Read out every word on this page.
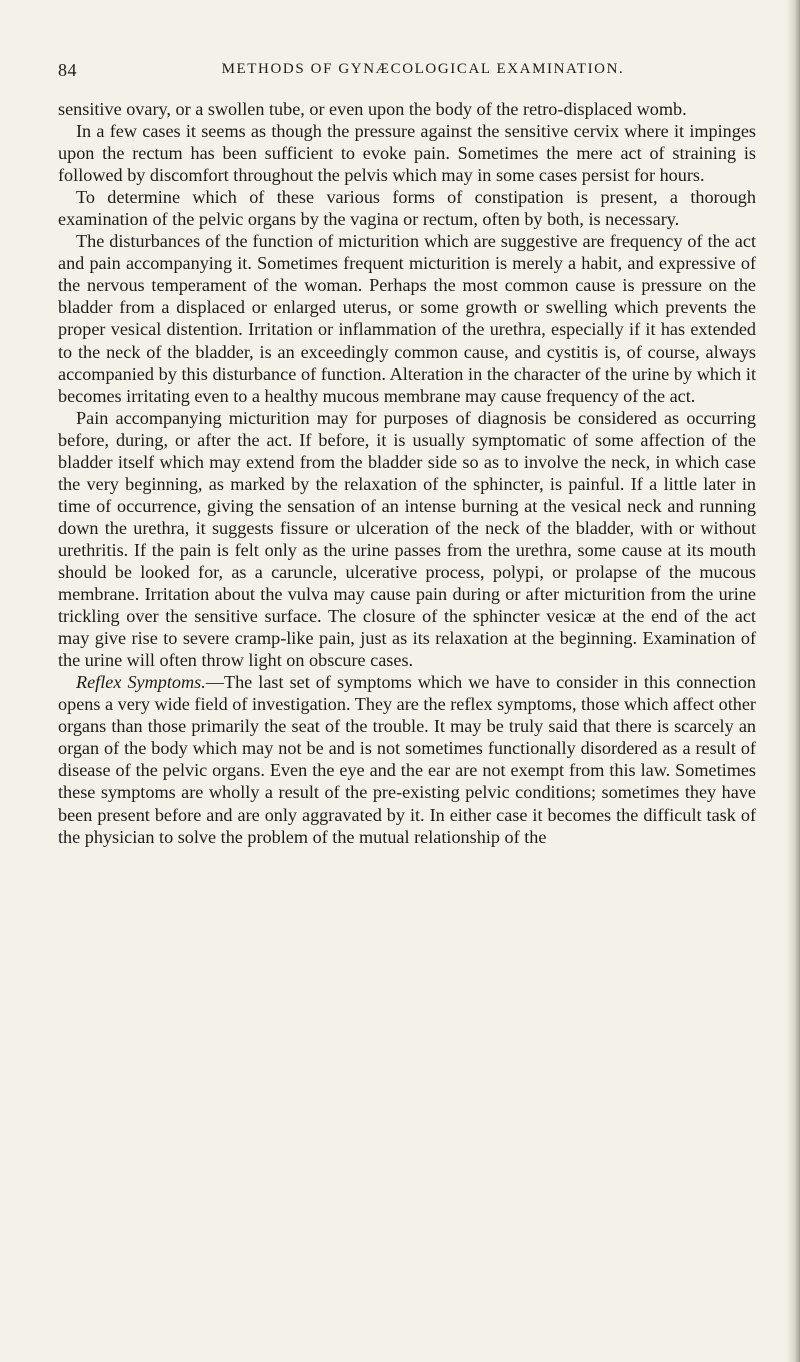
84	METHODS OF GYNÆCOLOGICAL EXAMINATION.

sensitive ovary, or a swollen tube, or even upon the body of the retro-displaced womb.

In a few cases it seems as though the pressure against the sensitive cervix where it impinges upon the rectum has been sufficient to evoke pain. Sometimes the mere act of straining is followed by discomfort throughout the pelvis which may in some cases persist for hours.

To determine which of these various forms of constipation is present, a thorough examination of the pelvic organs by the vagina or rectum, often by both, is necessary.

The disturbances of the function of micturition which are suggestive are frequency of the act and pain accompanying it. Sometimes frequent micturition is merely a habit, and expressive of the nervous temperament of the woman. Perhaps the most common cause is pressure on the bladder from a displaced or enlarged uterus, or some growth or swelling which prevents the proper vesical distention. Irritation or inflammation of the urethra, especially if it has extended to the neck of the bladder, is an exceedingly common cause, and cystitis is, of course, always accompanied by this disturbance of function. Alteration in the character of the urine by which it becomes irritating even to a healthy mucous membrane may cause frequency of the act.

Pain accompanying micturition may for purposes of diagnosis be considered as occurring before, during, or after the act. If before, it is usually symptomatic of some affection of the bladder itself which may extend from the bladder side so as to involve the neck, in which case the very beginning, as marked by the relaxation of the sphincter, is painful. If a little later in time of occurrence, giving the sensation of an intense burning at the vesical neck and running down the urethra, it suggests fissure or ulceration of the neck of the bladder, with or without urethritis. If the pain is felt only as the urine passes from the urethra, some cause at its mouth should be looked for, as a caruncle, ulcerative process, polypi, or prolapse of the mucous membrane. Irritation about the vulva may cause pain during or after micturition from the urine trickling over the sensitive surface. The closure of the sphincter vesicæ at the end of the act may give rise to severe cramp-like pain, just as its relaxation at the beginning. Examination of the urine will often throw light on obscure cases.

Reflex Symptoms.—The last set of symptoms which we have to consider in this connection opens a very wide field of investigation. They are the reflex symptoms, those which affect other organs than those primarily the seat of the trouble. It may be truly said that there is scarcely an organ of the body which may not be and is not sometimes functionally disordered as a result of disease of the pelvic organs. Even the eye and the ear are not exempt from this law. Sometimes these symptoms are wholly a result of the pre-existing pelvic conditions; sometimes they have been present before and are only aggravated by it. In either case it becomes the difficult task of the physician to solve the problem of the mutual relationship of the
